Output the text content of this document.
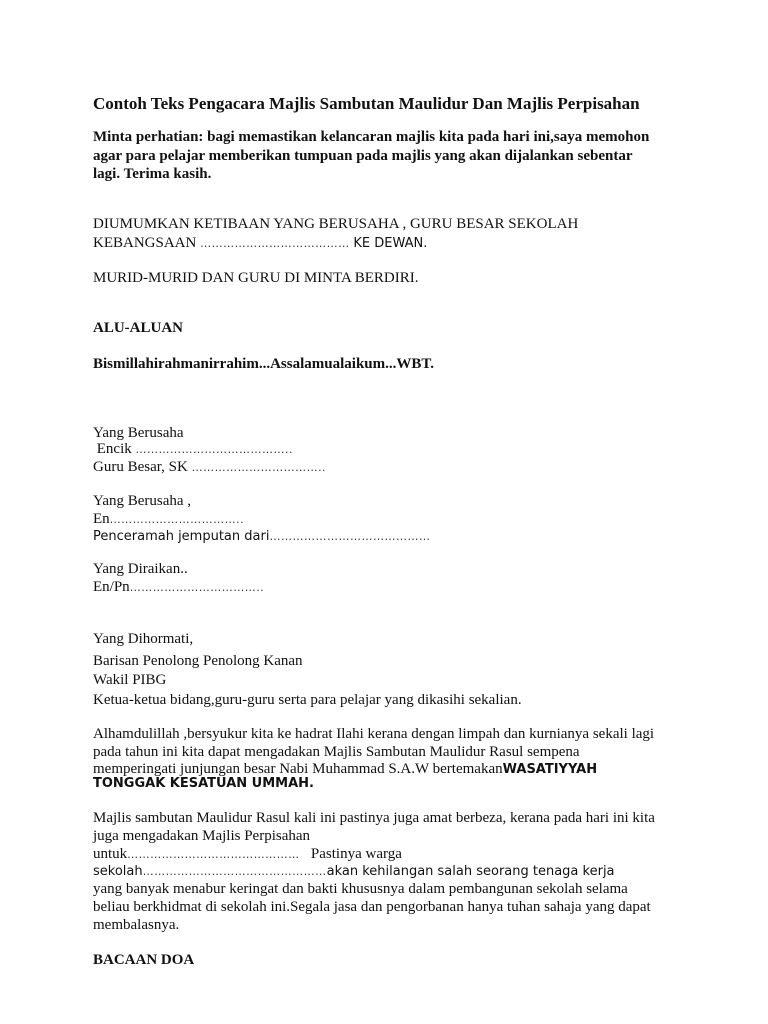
Contoh Teks Pengacara Majlis Sambutan Maulidur Dan Majlis Perpisahan
Minta perhatian: bagi memastikan kelancaran majlis kita pada hari ini,saya memohon
agar para pelajar memberikan tumpuan pada majlis yang akan dijalankan sebentar
lagi. Terima kasih.
DIUMUMKAN KETIBAAN YANG BERUSAHA , GURU BESAR SEKOLAH
KEBANGSAAN ………………………………… KE DEWAN.
MURID-MURID DAN GURU DI MINTA BERDIRI.
ALU-ALUAN
Bismillahirahmanirrahim...Assalamualaikum...WBT.
Yang Berusaha
Encik …………………………………..
Guru Besar, SK ……………………………..
Yang Berusaha ,
En……………………………..
Penceramah jemputan dari……………………………………
Yang Diraikan..
En/Pn……………………………..
Yang Dihormati,
Barisan Penolong Penolong Kanan
Wakil PIBG
Ketua-ketua bidang,guru-guru serta para pelajar yang dikasihi sekalian.
Alhamdulillah ,bersyukur kita ke hadrat Ilahi kerana dengan limpah dan kurnianya sekali lagi
pada tahun ini kita dapat mengadakan Majlis Sambutan Maulidur Rasul sempena
memperingati junjungan besar Nabi Muhammad S.A.W bertemakanWASATIYYAH
TONGGAK KESATUAN UMMAH.
Majlis sambutan Maulidur Rasul kali ini pastinya juga amat berbeza, kerana pada hari ini kita
juga mengadakan Majlis Perpisahan
untuk……………………………………… Pastinya warga
sekolah…………………………………………akan kehilangan salah seorang tenaga kerja
yang banyak menabur keringat dan bakti khususnya dalam pembangunan sekolah selama
beliau berkhidmat di sekolah ini.Segala jasa dan pengorbanan hanya tuhan sahaja yang dapat
membalasnya.
BACAAN DOA
